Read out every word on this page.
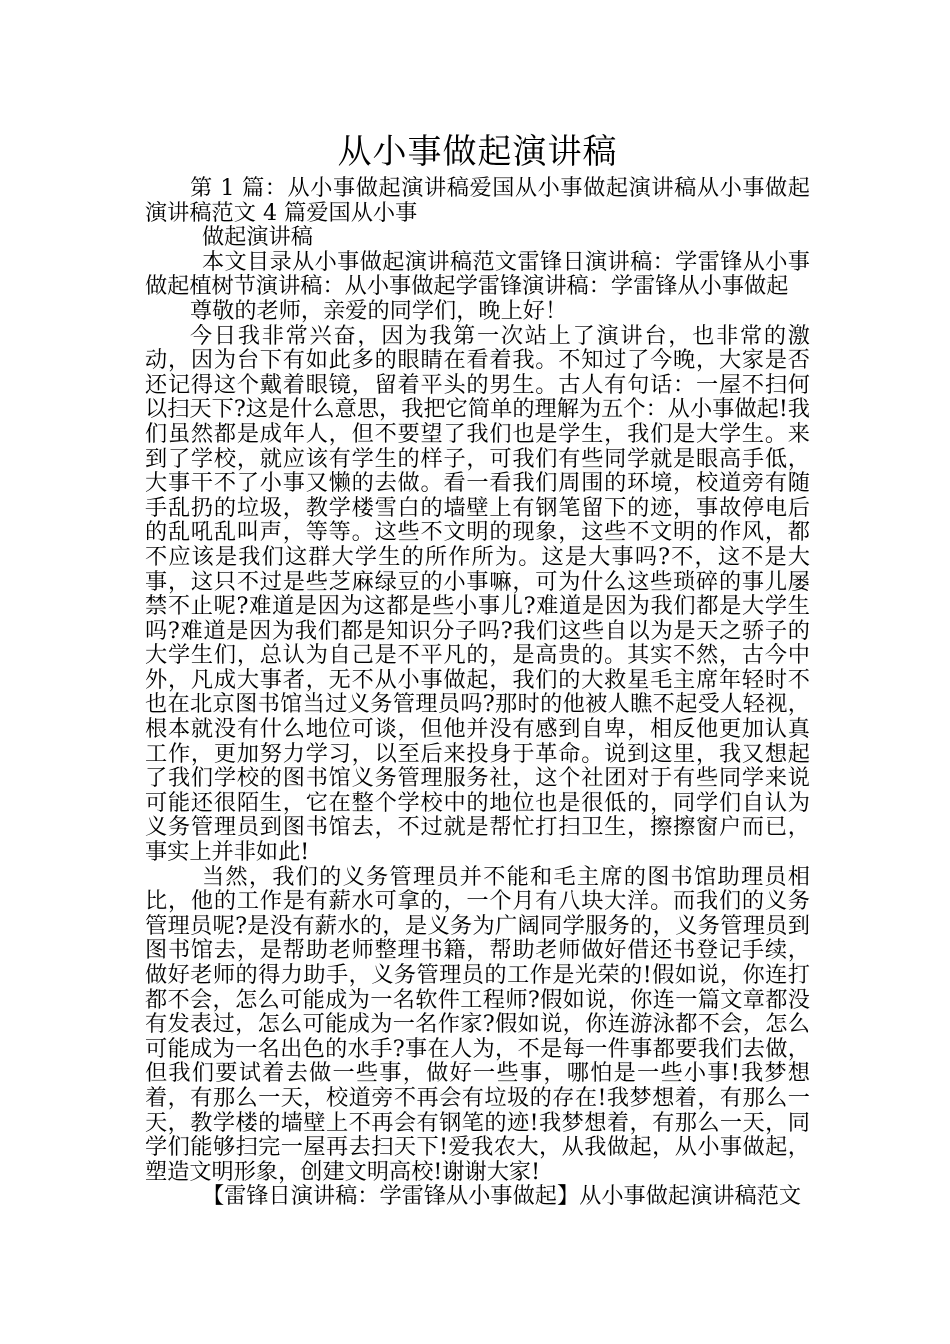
从小事做起演讲稿

第 1 篇：从小事做起演讲稿爱国从小事做起演讲稿从小事做起演讲稿范文 4 篇爱国从小事

做起演讲稿

本文目录从小事做起演讲稿范文雷锋日演讲稿：学雷锋从小事做起植树节演讲稿：从小事做起学雷锋演讲稿：学雷锋从小事做起

尊敬的老师，亲爱的同学们，晚上好！

今日我非常兴奋，因为我第一次站上了演讲台，也非常的激动，因为台下有如此多的眼睛在看着我。不知过了今晚，大家是否还记得这个戴着眼镜，留着平头的男生。古人有句话：一屋不扫何以扫天下?这是什么意思，我把它简单的理解为五个：从小事做起!我们虽然都是成年人，但不要望了我们也是学生，我们是大学生。来到了学校，就应该有学生的样子，可我们有些同学就是眼高手低，大事干不了小事又懒的去做。看一看我们周围的环境，校道旁有随手乱扔的垃圾，教学楼雪白的墙壁上有钢笔留下的迹，事故停电后的乱吼乱叫声，等等。这些不文明的现象，这些不文明的作风，都不应该是我们这群大学生的所作所为。这是大事吗?不，这不是大事，这只不过是些芝麻绿豆的小事嘛，可为什么这些琐碎的事儿屡禁不止呢?难道是因为这都是些小事儿?难道是因为我们都是大学生吗?难道是因为我们都是知识分子吗?我们这些自以为是天之骄子的大学生们，总认为自己是不平凡的，是高贵的。其实不然，古今中外，凡成大事者，无不从小事做起，我们的大救星毛主席年轻时不也在北京图书馆当过义务管理员吗?那时的他被人瞧不起受人轻视，根本就没有什么地位可谈，但他并没有感到自卑，相反他更加认真工作，更加努力学习，以至后来投身于革命。说到这里，我又想起了我们学校的图书馆义务管理服务社，这个社团对于有些同学来说可能还很陌生，它在整个学校中的地位也是很低的，同学们自认为义务管理员到图书馆去，不过就是帮忙打扫卫生，擦擦窗户而已，事实上并非如此!

当然，我们的义务管理员并不能和毛主席的图书馆助理员相比，他的工作是有薪水可拿的，一个月有八块大洋。而我们的义务管理员呢?是没有薪水的，是义务为广阔同学服务的，义务管理员到图书馆去，是帮助老师整理书籍，帮助老师做好借还书登记手续，做好老师的得力助手，义务管理员的工作是光荣的!假如说，你连打都不会，怎么可能成为一名软件工程师?假如说，你连一篇文章都没有发表过，怎么可能成为一名作家?假如说，你连游泳都不会，怎么可能成为一名出色的水手?事在人为，不是每一件事都要我们去做，但我们要试着去做一些事，做好一些事，哪怕是一些小事!我梦想着，有那么一天，校道旁不再会有垃圾的存在!我梦想着，有那么一天，教学楼的墙壁上不再会有钢笔的迹!我梦想着，有那么一天，同学们能够扫完一屋再去扫天下!爱我农大，从我做起，从小事做起，塑造文明形象，创建文明高校!谢谢大家!

【雷锋日演讲稿：学雷锋从小事做起】从小事做起演讲稿范文
